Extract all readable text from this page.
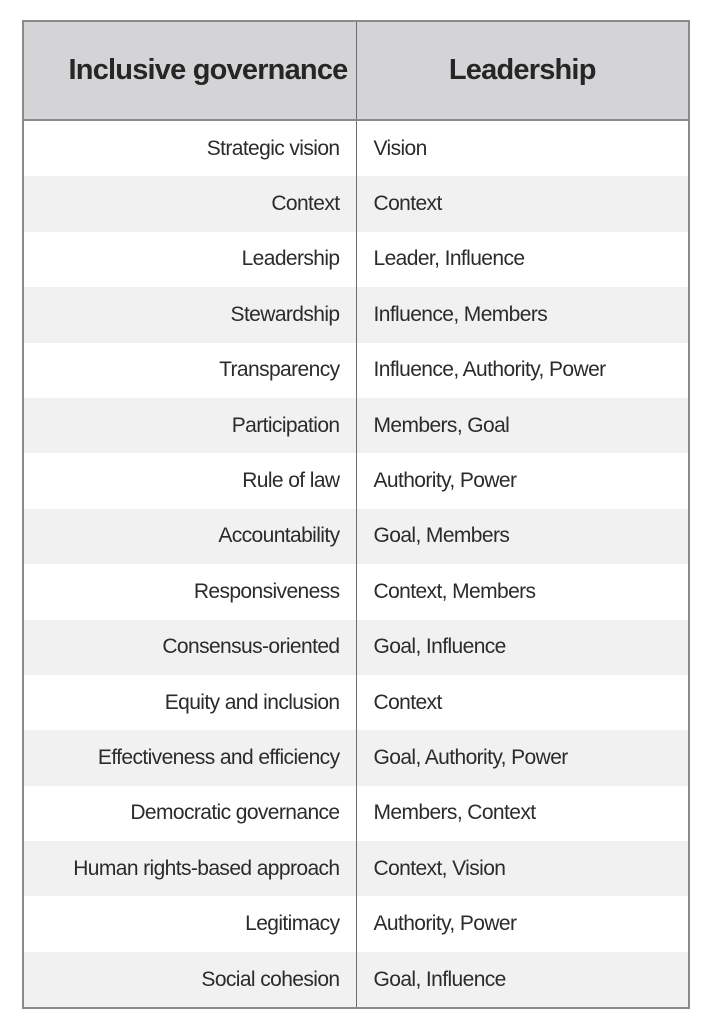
Inclusive governance	Leadership
Strategic vision	Vision
Context	Context
Leadership	Leader, Influence
Stewardship	Influence, Members
Transparency	Influence, Authority, Power
Participation	Members, Goal
Rule of law	Authority, Power
Accountability	Goal, Members
Responsiveness	Context, Members
Consensus-oriented	Goal, Influence
Equity and inclusion	Context
Effectiveness and efficiency	Goal, Authority, Power
Democratic governance	Members, Context
Human rights-based approach	Context, Vision
Legitimacy	Authority, Power
Social cohesion	Goal, Influence
